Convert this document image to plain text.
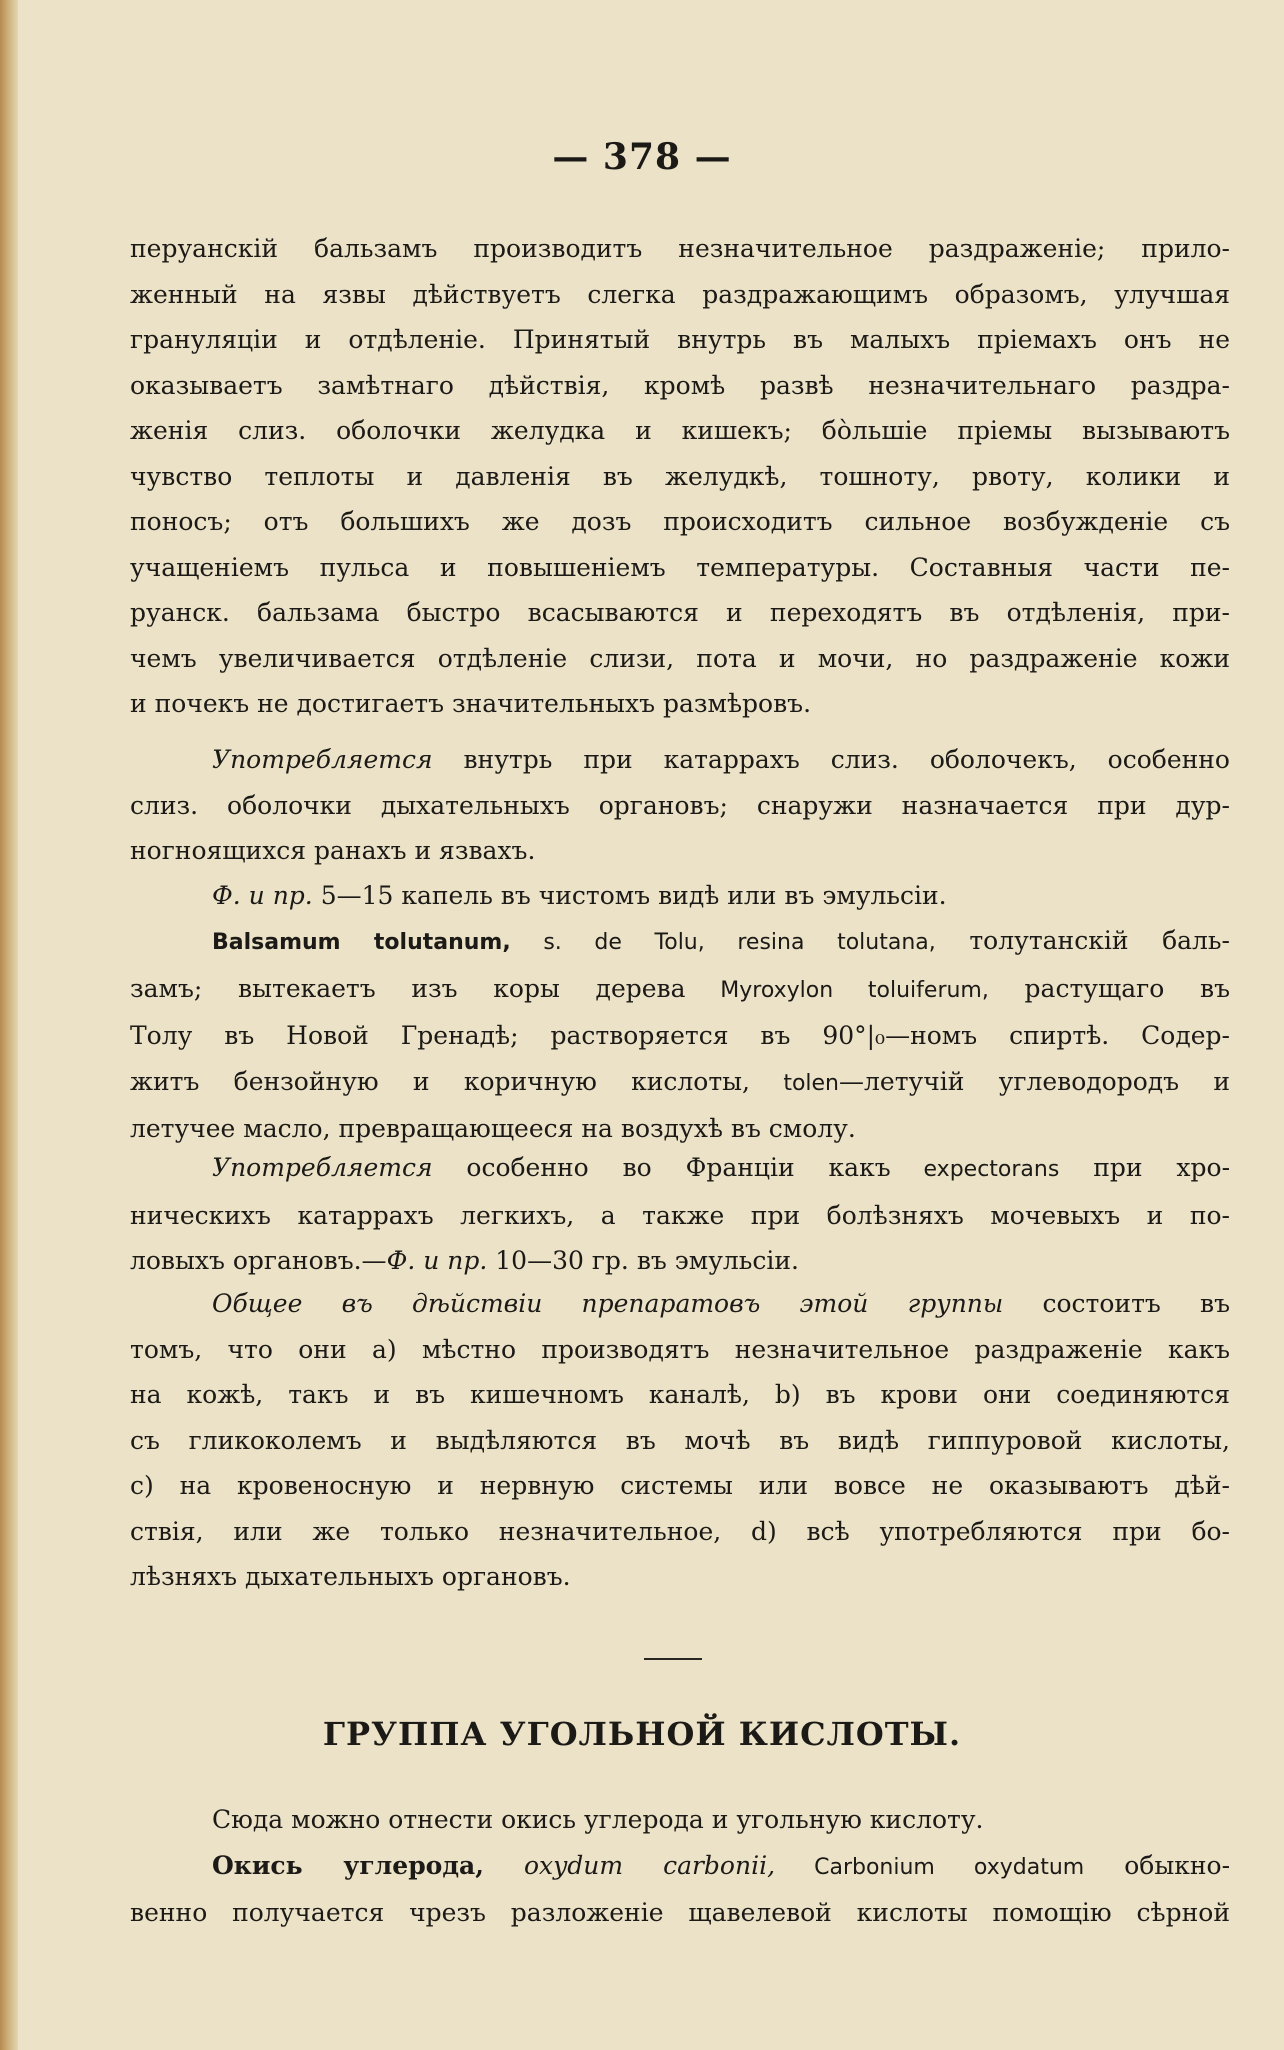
— 378 —
перуанскій бальзамъ производитъ незначительное раздраженіе; прило-
женный на язвы дѣйствуетъ слегка раздражающимъ образомъ, улучшая
грануляціи и отдѣленіе. Принятый внутрь въ малыхъ пріемахъ онъ не
оказываетъ замѣтнаго дѣйствія, кромѣ развѣ незначительнаго раздра-
женія слиз. оболочки желудка и кишекъ; бо̀льшіе пріемы вызываютъ
чувство теплоты и давленія въ желудкѣ, тошноту, рвоту, колики и
поносъ; отъ большихъ же дозъ происходитъ сильное возбужденіе съ
учащеніемъ пульса и повышеніемъ температуры. Составныя части пе-
руанск. бальзама быстро всасываются и переходятъ въ отдѣленія, при-
чемъ увеличивается отдѣленіе слизи, пота и мочи, но раздраженіе кожи
и почекъ не достигаетъ значительныхъ размѣровъ.
Употребляется внутрь при катаррахъ слиз. оболочекъ, особенно
слиз. оболочки дыхательныхъ органовъ; снаружи назначается при дур-
ногноящихся ранахъ и язвахъ.
Ф. и пр. 5—15 капель въ чистомъ видѣ или въ эмульсіи.
Balsamum tolutanum, s. de Tolu, resina tolutana, толутанскій баль-
замъ; вытекаетъ изъ коры дерева Myroxylon toluiferum, растущаго въ
Толу въ Новой Гренадѣ; растворяется въ 90°|₀—номъ спиртѣ. Содер-
житъ бензойную и коричную кислоты, tolen—летучій углеводородъ и
летучее масло, превращающееся на воздухѣ въ смолу.
Употребляется особенно во Франціи какъ expectorans при хро-
ническихъ катаррахъ легкихъ, а также при болѣзняхъ мочевыхъ и по-
ловыхъ органовъ.—Ф. и пр. 10—30 гр. въ эмульсіи.
Общее въ дѣйствіи препаратовъ этой группы состоитъ въ
томъ, что они а) мѣстно производятъ незначительное раздраженіе какъ
на кожѣ, такъ и въ кишечномъ каналѣ, b) въ крови они соединяются
съ гликоколемъ и выдѣляются въ мочѣ въ видѣ гиппуровой кислоты,
c) на кровеносную и нервную системы или вовсе не оказываютъ дѣй-
ствія, или же только незначительное, d) всѣ употребляются при бо-
лѣзняхъ дыхательныхъ органовъ.
ГРУППА УГОЛЬНОЙ КИСЛОТЫ.
Сюда можно отнести окись углерода и угольную кислоту.
Окись углерода, oxydum carbonii, Carbonium oxydatum обыкно-
венно получается чрезъ разложеніе щавелевой кислоты помощію сѣрной
